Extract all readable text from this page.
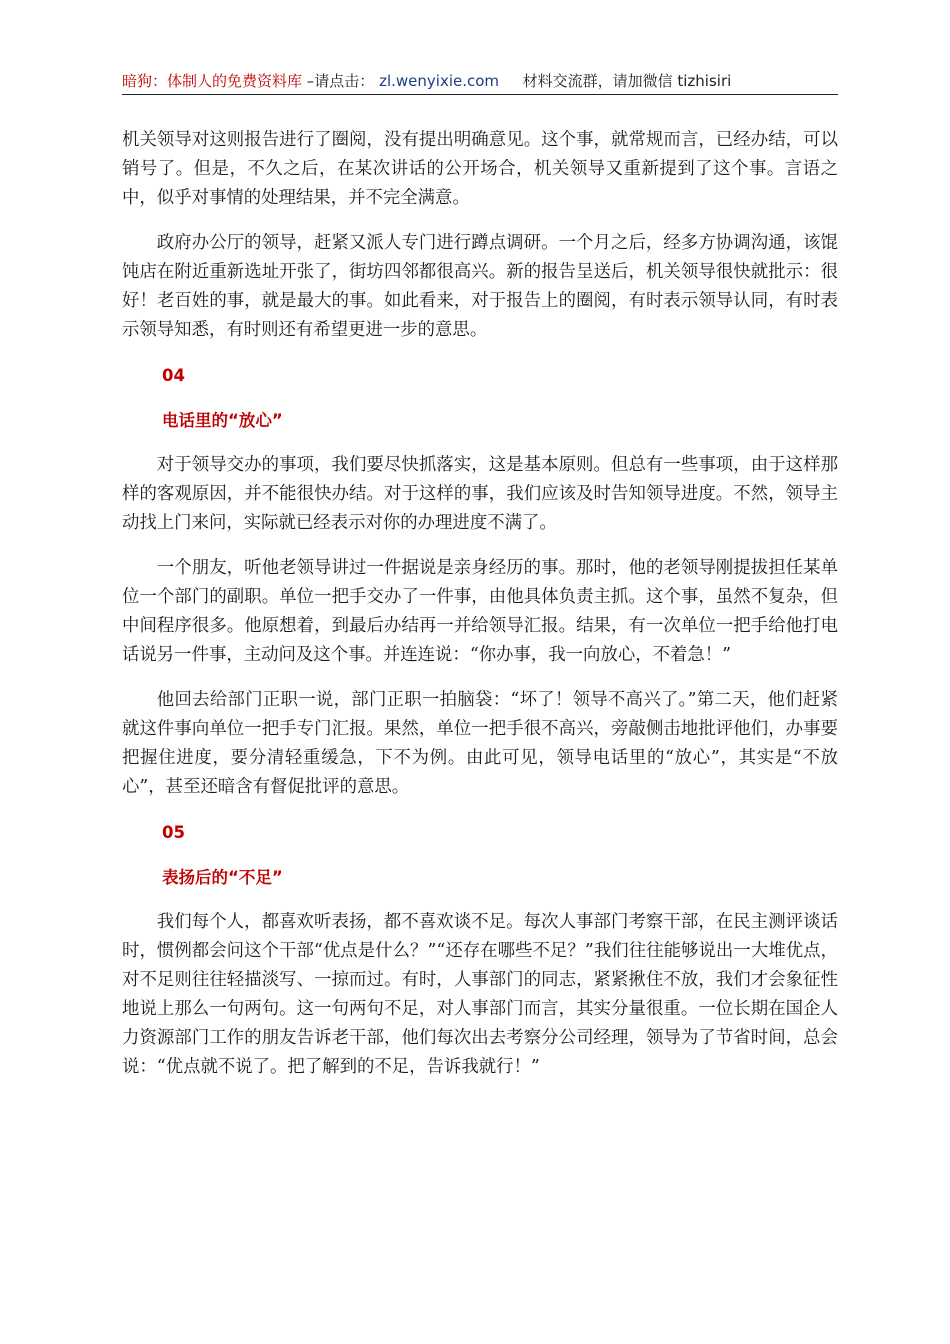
暗狗：体制人的免费资料库 –请点击： zl.wenyixie.com 材料交流群，请加微信 tizhisiri

机关领导对这则报告进行了圈阅，没有提出明确意见。这个事，就常规而言，已经办结，可以销号了。但是，不久之后，在某次讲话的公开场合，机关领导又重新提到了这个事。言语之中，似乎对事情的处理结果，并不完全满意。

政府办公厅的领导，赶紧又派人专门进行蹲点调研。一个月之后，经多方协调沟通，该馄饨店在附近重新选址开张了，街坊四邻都很高兴。新的报告呈送后，机关领导很快就批示：很好！老百姓的事，就是最大的事。如此看来，对于报告上的圈阅，有时表示领导认同，有时表示领导知悉，有时则还有希望更进一步的意思。

04
电话里的“放心”

对于领导交办的事项，我们要尽快抓落实，这是基本原则。但总有一些事项，由于这样那样的客观原因，并不能很快办结。对于这样的事，我们应该及时告知领导进度。不然，领导主动找上门来问，实际就已经表示对你的办理进度不满了。

一个朋友，听他老领导讲过一件据说是亲身经历的事。那时，他的老领导刚提拔担任某单位一个部门的副职。单位一把手交办了一件事，由他具体负责主抓。这个事，虽然不复杂，但中间程序很多。他原想着，到最后办结再一并给领导汇报。结果，有一次单位一把手给他打电话说另一件事，主动问及这个事。并连连说：“你办事，我一向放心，不着急！”

他回去给部门正职一说，部门正职一拍脑袋：“坏了！领导不高兴了。”第二天，他们赶紧就这件事向单位一把手专门汇报。果然，单位一把手很不高兴，旁敲侧击地批评他们，办事要把握住进度，要分清轻重缓急，下不为例。由此可见，领导电话里的“放心”，其实是“不放心”，甚至还暗含有督促批评的意思。

05
表扬后的“不足”

我们每个人，都喜欢听表扬，都不喜欢谈不足。每次人事部门考察干部，在民主测评谈话时，惯例都会问这个干部“优点是什么？”“还存在哪些不足？”我们往往能够说出一大堆优点，对不足则往往轻描淡写、一掠而过。有时，人事部门的同志，紧紧揪住不放，我们才会象征性地说上那么一句两句。这一句两句不足，对人事部门而言，其实分量很重。一位长期在国企人力资源部门工作的朋友告诉老干部，他们每次出去考察分公司经理，领导为了节省时间，总会说：“优点就不说了。把了解到的不足，告诉我就行！”
